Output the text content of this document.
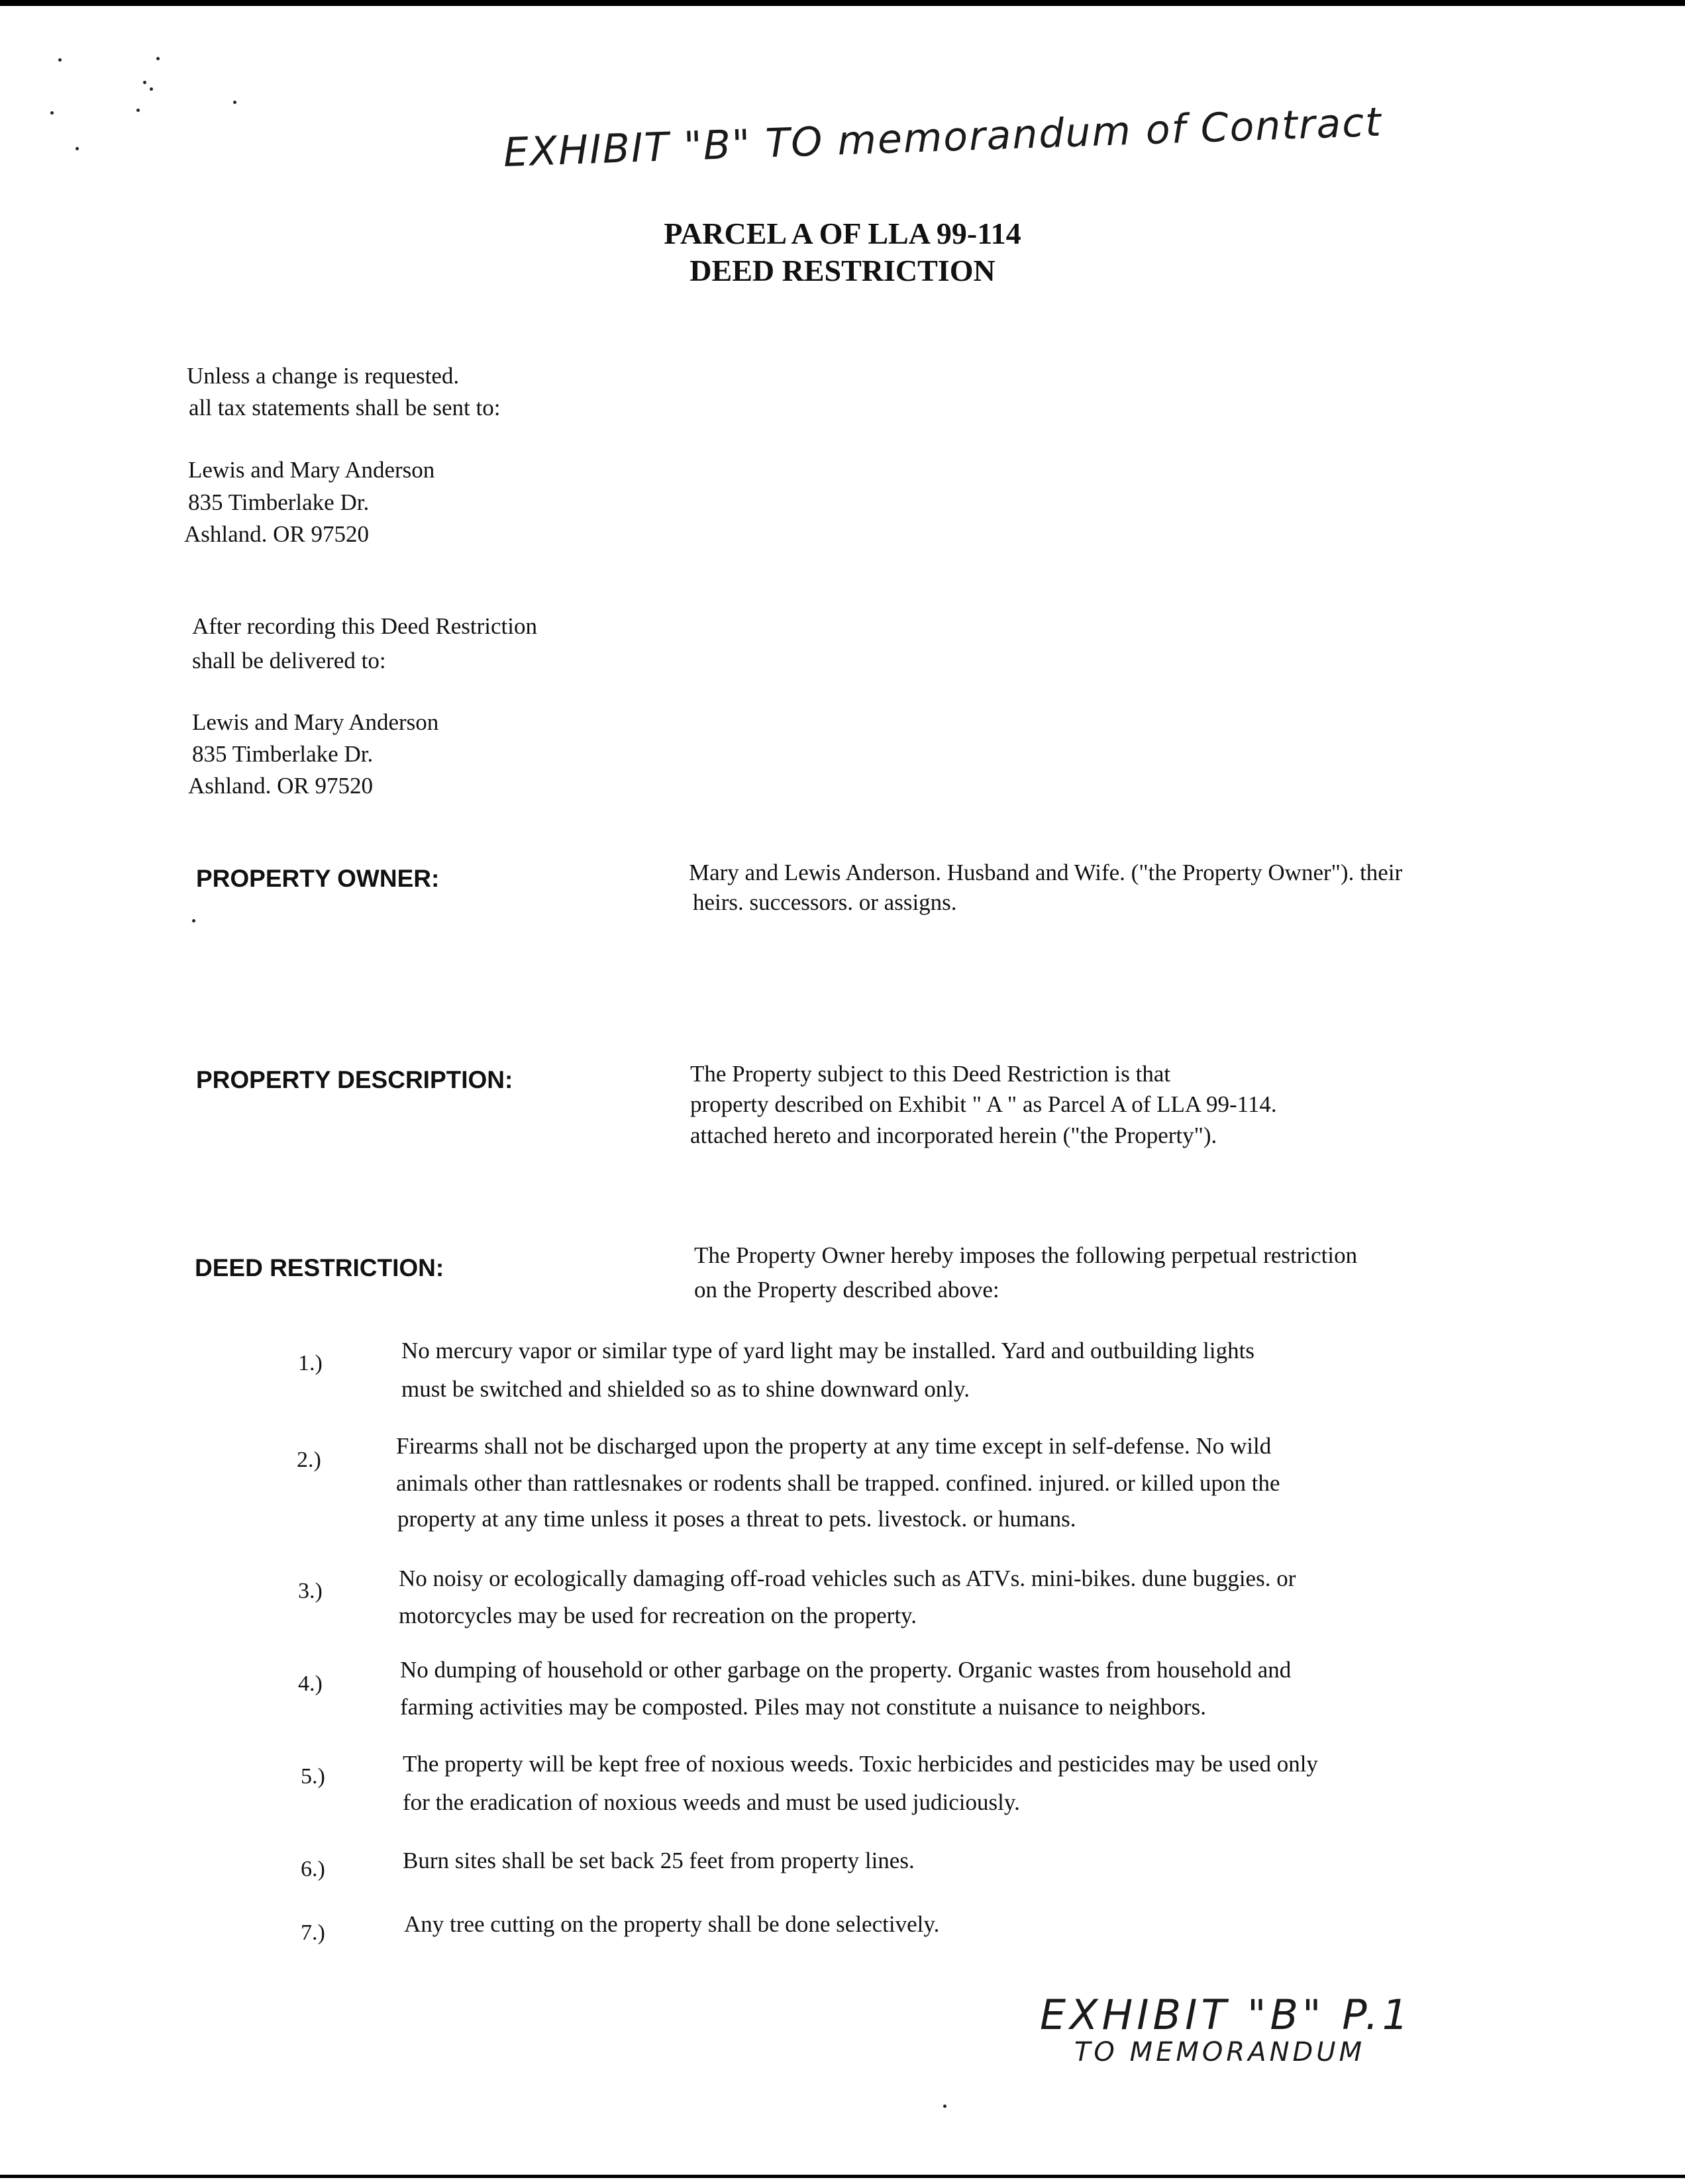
EXHIBIT "B" TO memorandum of Contract
PARCEL A OF LLA 99-114
DEED RESTRICTION
Unless a change is requested.
all tax statements shall be sent to:
Lewis and Mary Anderson
835 Timberlake Dr.
Ashland. OR 97520
After recording this Deed Restriction
shall be delivered to:
Lewis and Mary Anderson
835 Timberlake Dr.
Ashland. OR 97520
PROPERTY OWNER:	Mary and Lewis Anderson. Husband and Wife. ("the Property Owner"). their
heirs. successors. or assigns.
PROPERTY DESCRIPTION:	The Property subject to this Deed Restriction is that
property described on Exhibit " A " as Parcel A of LLA 99-114.
attached hereto and incorporated herein ("the Property").
DEED RESTRICTION:	The Property Owner hereby imposes the following perpetual restriction
on the Property described above:
1.)	No mercury vapor or similar type of yard light may be installed. Yard and outbuilding lights
must be switched and shielded so as to shine downward only.
2.)
Firearms shall not be discharged upon the property at any time except in self-defense. No wild
animals other than rattlesnakes or rodents shall be trapped. confined. injured. or killed upon the
property at any time unless it poses a threat to pets. livestock. or humans.
3.)	No noisy or ecologically damaging off-road vehicles such as ATVs. mini-bikes. dune buggies. or
motorcycles may be used for recreation on the property.
4.)
No dumping of household or other garbage on the property. Organic wastes from household and
farming activities may be composted. Piles may not constitute a nuisance to neighbors.
5.)	The property will be kept free of noxious weeds. Toxic herbicides and pesticides may be used only
for the eradication of noxious weeds and must be used judiciously.
6.)	Burn sites shall be set back 25 feet from property lines.
7.)	Any tree cutting on the property shall be done selectively.
EXHIBIT "B" P.1
TO MEMORANDUM
